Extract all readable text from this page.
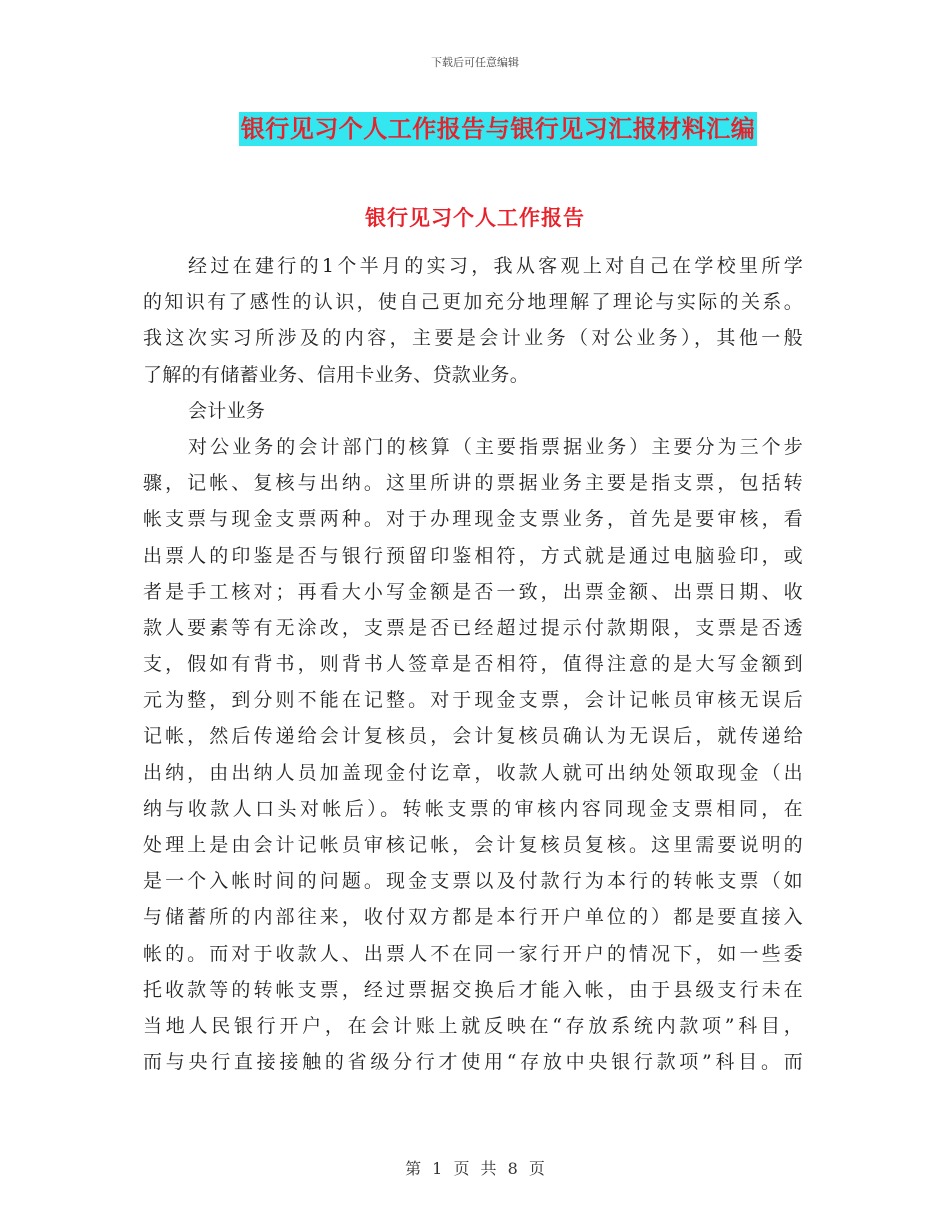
下载后可任意编辑
银行见习个人工作报告与银行见习汇报材料汇编
银行见习个人工作报告
经过在建行的1个半月的实习，我从客观上对自己在学校里所学
的知识有了感性的认识，使自己更加充分地理解了理论与实际的关系。
我这次实习所涉及的内容，主要是会计业务（对公业务），其他一般
了解的有储蓄业务、信用卡业务、贷款业务。
会计业务
对公业务的会计部门的核算（主要指票据业务）主要分为三个步
骤，记帐、复核与出纳。这里所讲的票据业务主要是指支票，包括转
帐支票与现金支票两种。对于办理现金支票业务，首先是要审核，看
出票人的印鉴是否与银行预留印鉴相符，方式就是通过电脑验印，或
者是手工核对；再看大小写金额是否一致，出票金额、出票日期、收
款人要素等有无涂改，支票是否已经超过提示付款期限，支票是否透
支，假如有背书，则背书人签章是否相符，值得注意的是大写金额到
元为整，到分则不能在记整。对于现金支票，会计记帐员审核无误后
记帐，然后传递给会计复核员，会计复核员确认为无误后，就传递给
出纳，由出纳人员加盖现金付讫章，收款人就可出纳处领取现金（出
纳与收款人口头对帐后）。转帐支票的审核内容同现金支票相同，在
处理上是由会计记帐员审核记帐，会计复核员复核。这里需要说明的
是一个入帐时间的问题。现金支票以及付款行为本行的转帐支票（如
与储蓄所的内部往来，收付双方都是本行开户单位的）都是要直接入
帐的。而对于收款人、出票人不在同一家行开户的情况下，如一些委
托收款等的转帐支票，经过票据交换后才能入帐，由于县级支行未在
当地人民银行开户，在会计账上就反映在“存放系统内款项”科目，
而与央行直接接触的省级分行才使用“存放中央银行款项”科目。而
第 1 页 共 8 页
